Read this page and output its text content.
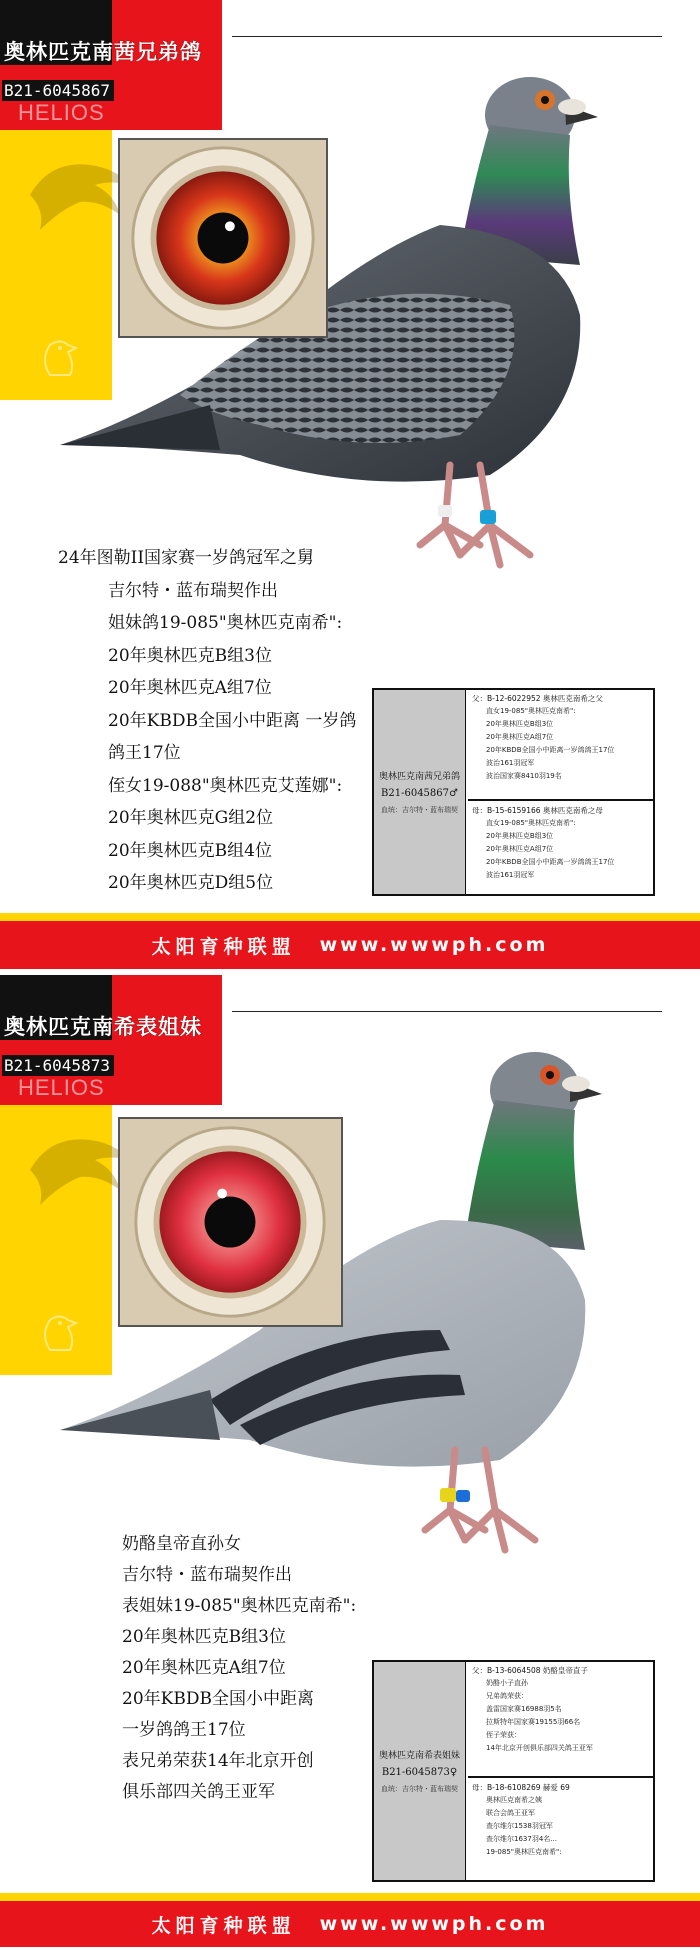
奥林匹克南茜兄弟鸽
B21-6045867
HELIOS
24年图勒II国家赛一岁鸽冠军之舅
吉尔特・蓝布瑞契作出
姐妹鸽19-085"奥林匹克南希":
20年奥林匹克B组3位
20年奥林匹克A组7位
20年KBDB全国小中距离 一岁鸽
鸽王17位
侄女19-088"奥林匹克艾莲娜":
20年奥林匹克G组2位
20年奥林匹克B组4位
20年奥林匹克D组5位
奥林匹克南茜兄弟鸽
B21-6045867♂
血统：吉尔特・蓝布瑞契
父：B-12-6022952 奥林匹克南希之父
直女19-085"奥林匹克南希":
20年奥林匹克B组3位
20年奥林匹克A组7位
20年KBDB全国小中距离一岁鸽鸽王17位
波治161羽冠军
波治国家赛8410羽19名
母：B-15-6159166 奥林匹克南希之母
直女19-085"奥林匹克南希":
20年奥林匹克B组3位
20年奥林匹克A组7位
20年KBDB全国小中距离一岁鸽鸽王17位
波治161羽冠军
太阳育种联盟 www.wwwph.com
奥林匹克南希表姐妹
B21-6045873
HELIOS
奶酪皇帝直孙女
吉尔特・蓝布瑞契作出
表姐妹19-085"奥林匹克南希":
20年奥林匹克B组3位
20年奥林匹克A组7位
20年KBDB全国小中距离
一岁鸽鸽王17位
表兄弟荣获14年北京开创
俱乐部四关鸽王亚军
奥林匹克南希表姐妹
B21-6045873♀
血统：吉尔特・蓝布瑞契
父：B-13-6064508 奶酪皇帝直子
奶酪小子直孙
兄弟鸽荣获：
盖雷国家赛16988羽5名
拉斯特年国家赛19155羽66名
侄子荣获：
14年北京开创俱乐部四关鸽王亚军
母：B-18-6108269 赫爱 69
奥林匹克南希之姨
联合会鸽王亚军
查尔维尔1538羽冠军
查尔维尔1637羽4名...
19-085"奥林匹克南希":
太阳育种联盟 www.wwwph.com
